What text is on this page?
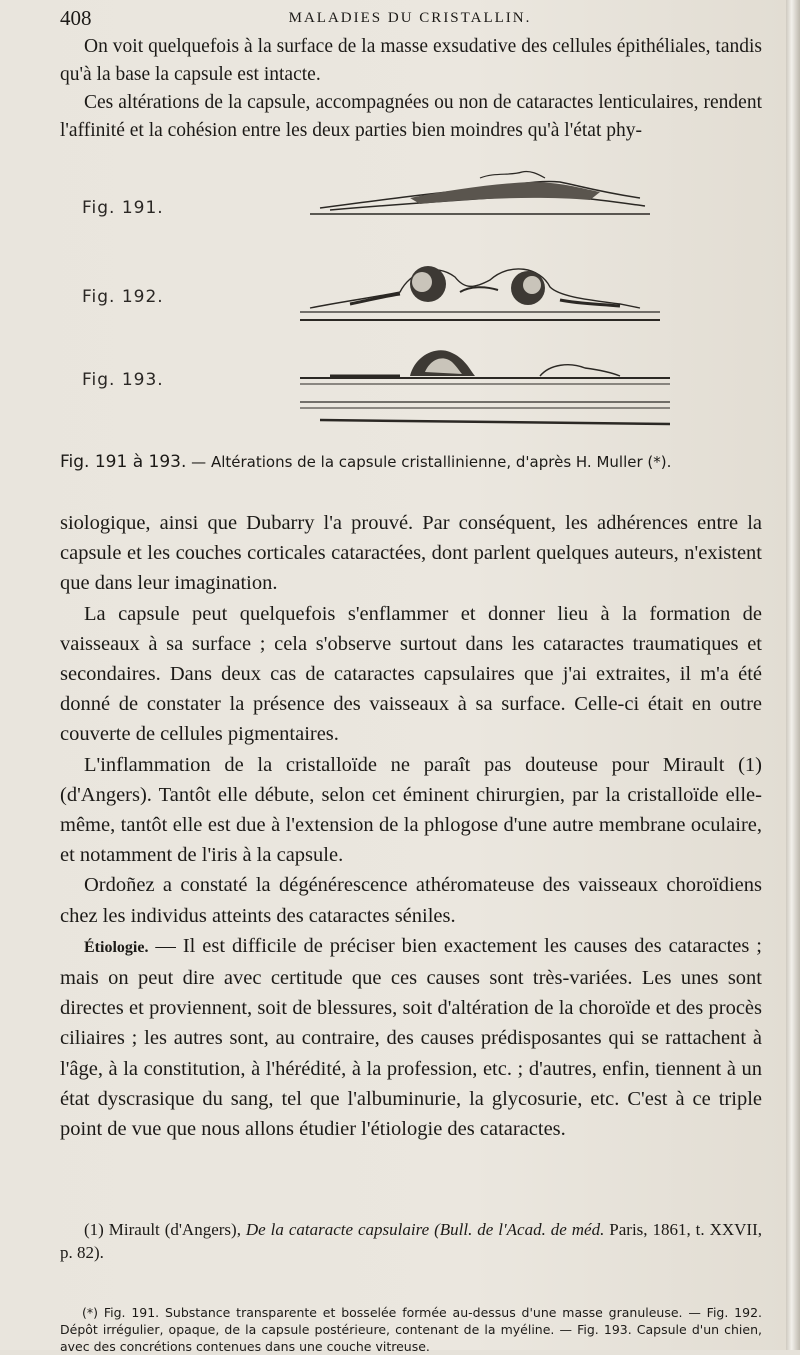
408	MALADIES DU CRISTALLIN.

On voit quelquefois à la surface de la masse exsudative des cellules épithéliales, tandis qu'à la base la capsule est intacte.

Ces altérations de la capsule, accompagnées ou non de cataractes lenticulaires, rendent l'affinité et la cohésion entre les deux parties bien moindres qu'à l'état phy-

Fig. 191.
Fig. 192.
Fig. 193.
Fig. 191 à 193. — Altérations de la capsule cristallinienne, d'après H. Muller (*).

siologique, ainsi que Dubarry l'a prouvé. Par conséquent, les adhérences entre la capsule et les couches corticales cataractées, dont parlent quelques auteurs, n'existent que dans leur imagination.

La capsule peut quelquefois s'enflammer et donner lieu à la formation de vaisseaux à sa surface ; cela s'observe surtout dans les cataractes traumatiques et secondaires. Dans deux cas de cataractes capsulaires que j'ai extraites, il m'a été donné de constater la présence des vaisseaux à sa surface. Celle-ci était en outre couverte de cellules pigmentaires.

L'inflammation de la cristalloïde ne paraît pas douteuse pour Mirault (1) (d'Angers). Tantôt elle débute, selon cet éminent chirurgien, par la cristalloïde elle-même, tantôt elle est due à l'extension de la phlogose d'une autre membrane oculaire, et notamment de l'iris à la capsule.

Ordoñez a constaté la dégénérescence athéromateuse des vaisseaux choroïdiens chez les individus atteints des cataractes séniles.

Étiologie. — Il est difficile de préciser bien exactement les causes des cataractes ; mais on peut dire avec certitude que ces causes sont très-variées. Les unes sont directes et proviennent, soit de blessures, soit d'altération de la choroïde et des procès ciliaires ; les autres sont, au contraire, des causes prédisposantes qui se rattachent à l'âge, à la constitution, à l'hérédité, à la profession, etc. ; d'autres, enfin, tiennent à un état dyscrasique du sang, tel que l'albuminurie, la glycosurie, etc. C'est à ce triple point de vue que nous allons étudier l'étiologie des cataractes.

(1) Mirault (d'Angers), De la cataracte capsulaire (Bull. de l'Acad. de méd. Paris, 1861, t. XXVII, p. 82).

(*) Fig. 191. Substance transparente et bosselée formée au-dessus d'une masse granuleuse. — Fig. 192. Dépôt irrégulier, opaque, de la capsule postérieure, contenant de la myéline. — Fig. 193. Capsule d'un chien, avec des concrétions contenues dans une couche vitreuse.
